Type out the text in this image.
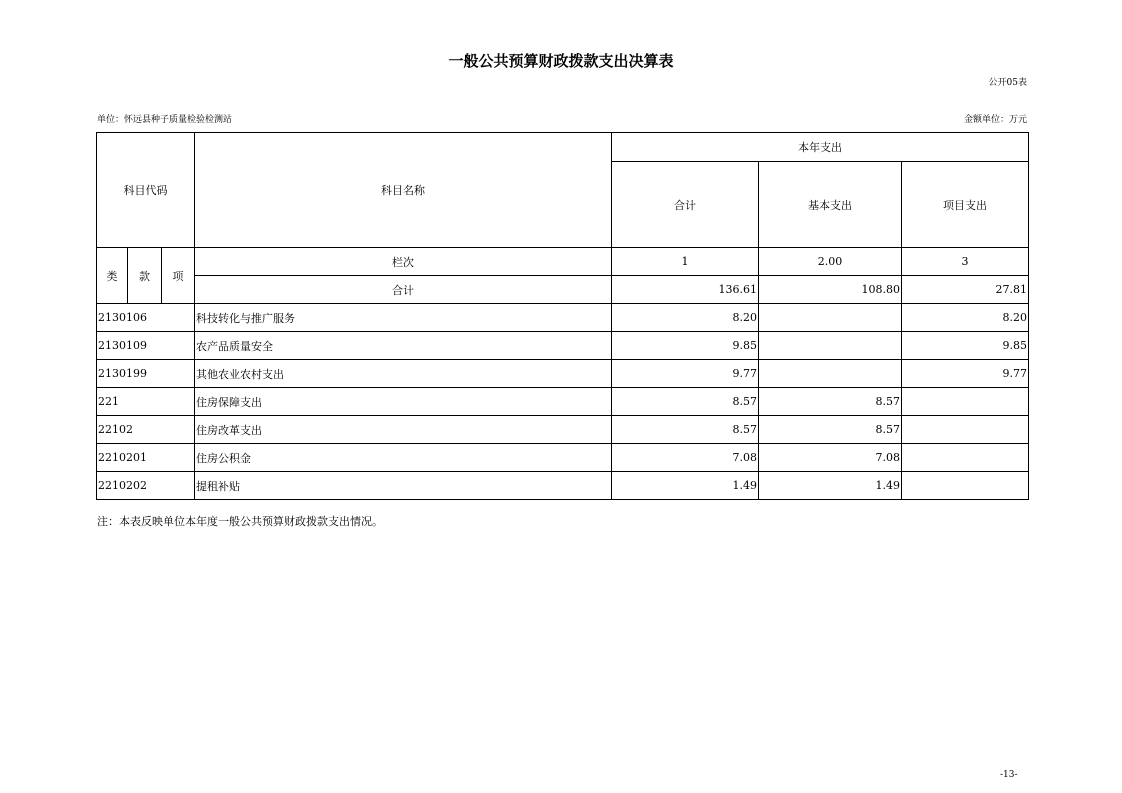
一般公共预算财政拨款支出决算表
公开05表
单位：怀远县种子质量检验检测站	金额单位：万元
科目代码			科目名称	本年支出		
				合计	基本支出	项目支出
类	款	项	栏次	1	2.00	3
			合计	136.61	108.80	27.81
2130106			科技转化与推广服务	8.20		8.20
2130109			农产品质量安全	9.85		9.85
2130199			其他农业农村支出	9.77		9.77
221			住房保障支出	8.57	8.57	
22102			住房改革支出	8.57	8.57	
2210201			住房公积金	7.08	7.08	
2210202			提租补贴	1.49	1.49	
注：本表反映单位本年度一般公共预算财政拨款支出情况。
-13-
